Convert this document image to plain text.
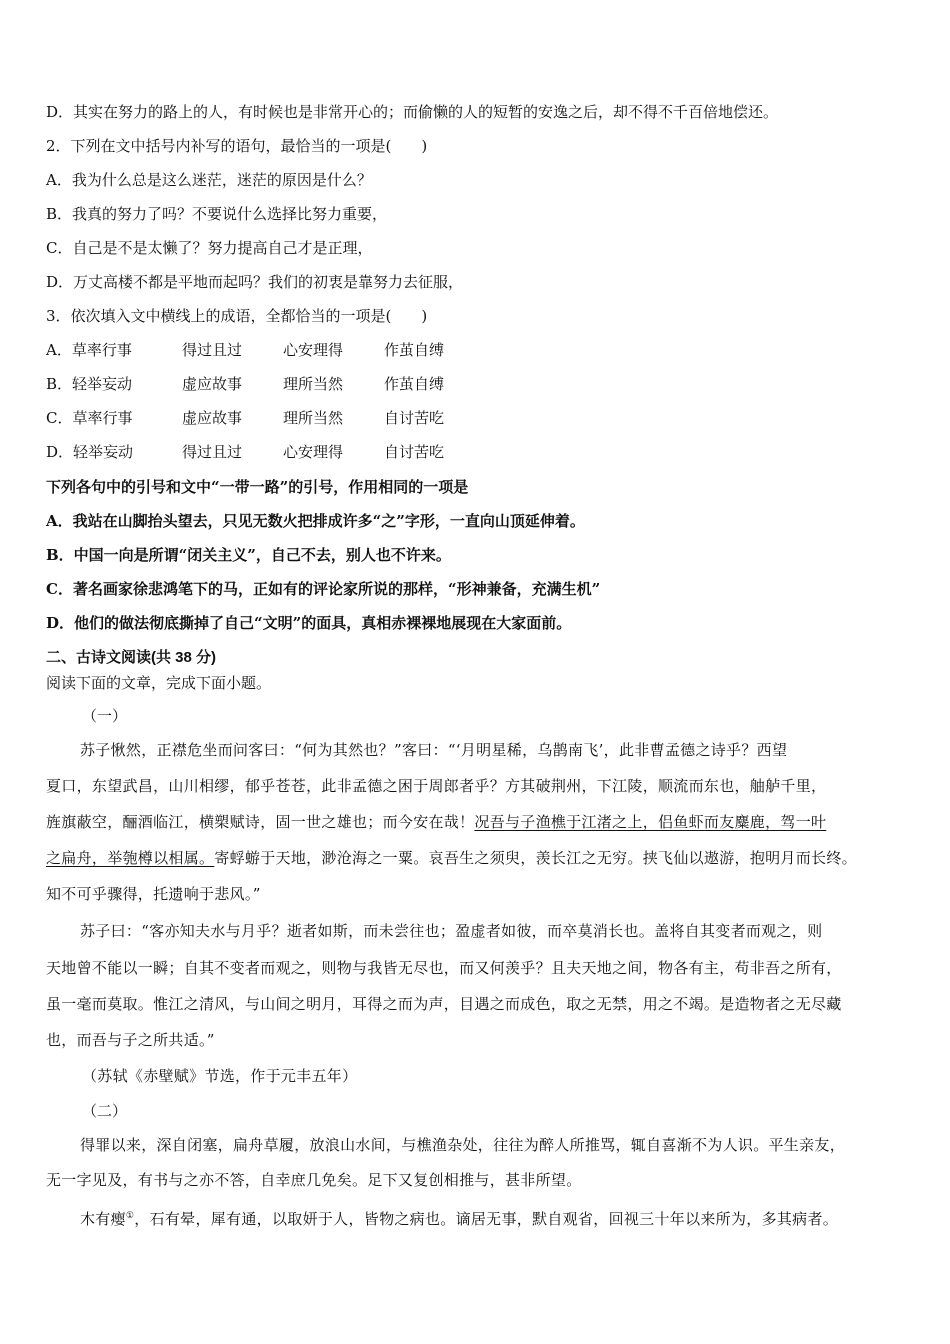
D．其实在努力的路上的人，有时候也是非常开心的；而偷懒的人的短暂的安逸之后，却不得不千百倍地偿还。
2．下列在文中括号内补写的语句，最恰当的一项是(　　)
A．我为什么总是这么迷茫，迷茫的原因是什么？
B．我真的努力了吗？不要说什么选择比努力重要，
C．自己是不是太懒了？努力提高自己才是正理，
D．万丈高楼不都是平地而起吗？我们的初衷是靠努力去征服，
3．依次填入文中横线上的成语，全都恰当的一项是(　　)
A．草率行事	得过且过	心安理得	作茧自缚
B．轻举妄动	虚应故事	理所当然	作茧自缚
C．草率行事	虚应故事	理所当然	自讨苦吃
D．轻举妄动	得过且过	心安理得	自讨苦吃
下列各句中的引号和文中“一带一路”的引号，作用相同的一项是
A．我站在山脚抬头望去，只见无数火把排成许多“之”字形，一直向山顶延伸着。
B．中国一向是所谓“闭关主义”，自己不去，别人也不许来。
C．著名画家徐悲鸿笔下的马，正如有的评论家所说的那样，“形神兼备，充满生机”
D．他们的做法彻底撕掉了自己“文明”的面具，真相赤裸裸地展现在大家面前。
二、古诗文阅读(共 38 分)
阅读下面的文章，完成下面小题。
（一）
苏子愀然，正襟危坐而问客曰：“何为其然也？”客曰：“‘月明星稀，乌鹊南飞’，此非曹孟德之诗乎？西望
夏口，东望武昌，山川相缪，郁乎苍苍，此非孟德之困于周郎者乎？方其破荆州，下江陵，顺流而东也，舳舻千里，
旌旗蔽空，酾酒临江，横槊赋诗，固一世之雄也；而今安在哉！况吾与子渔樵于江渚之上，侣鱼虾而友麋鹿，驾一叶
之扁舟，举匏樽以相属。寄蜉蝣于天地，渺沧海之一粟。哀吾生之须臾，羡长江之无穷。挟飞仙以遨游，抱明月而长终。
知不可乎骤得，托遗响于悲风。”
苏子曰：“客亦知夫水与月乎？逝者如斯，而未尝往也；盈虚者如彼，而卒莫消长也。盖将自其变者而观之，则
天地曾不能以一瞬；自其不变者而观之，则物与我皆无尽也，而又何羡乎？且夫天地之间，物各有主，苟非吾之所有，
虽一毫而莫取。惟江之清风，与山间之明月，耳得之而为声，目遇之而成色，取之无禁，用之不竭。是造物者之无尽藏
也，而吾与子之所共适。”
（苏轼《赤壁赋》节选，作于元丰五年）
（二）
得罪以来，深自闭塞，扁舟草履，放浪山水间，与樵渔杂处，往往为醉人所推骂，辄自喜渐不为人识。平生亲友，
无一字见及，有书与之亦不答，自幸庶几免矣。足下又复创相推与，甚非所望。
木有瘿①，石有晕，犀有通，以取妍于人，皆物之病也。谪居无事，默自观省，回视三十年以来所为，多其病者。
